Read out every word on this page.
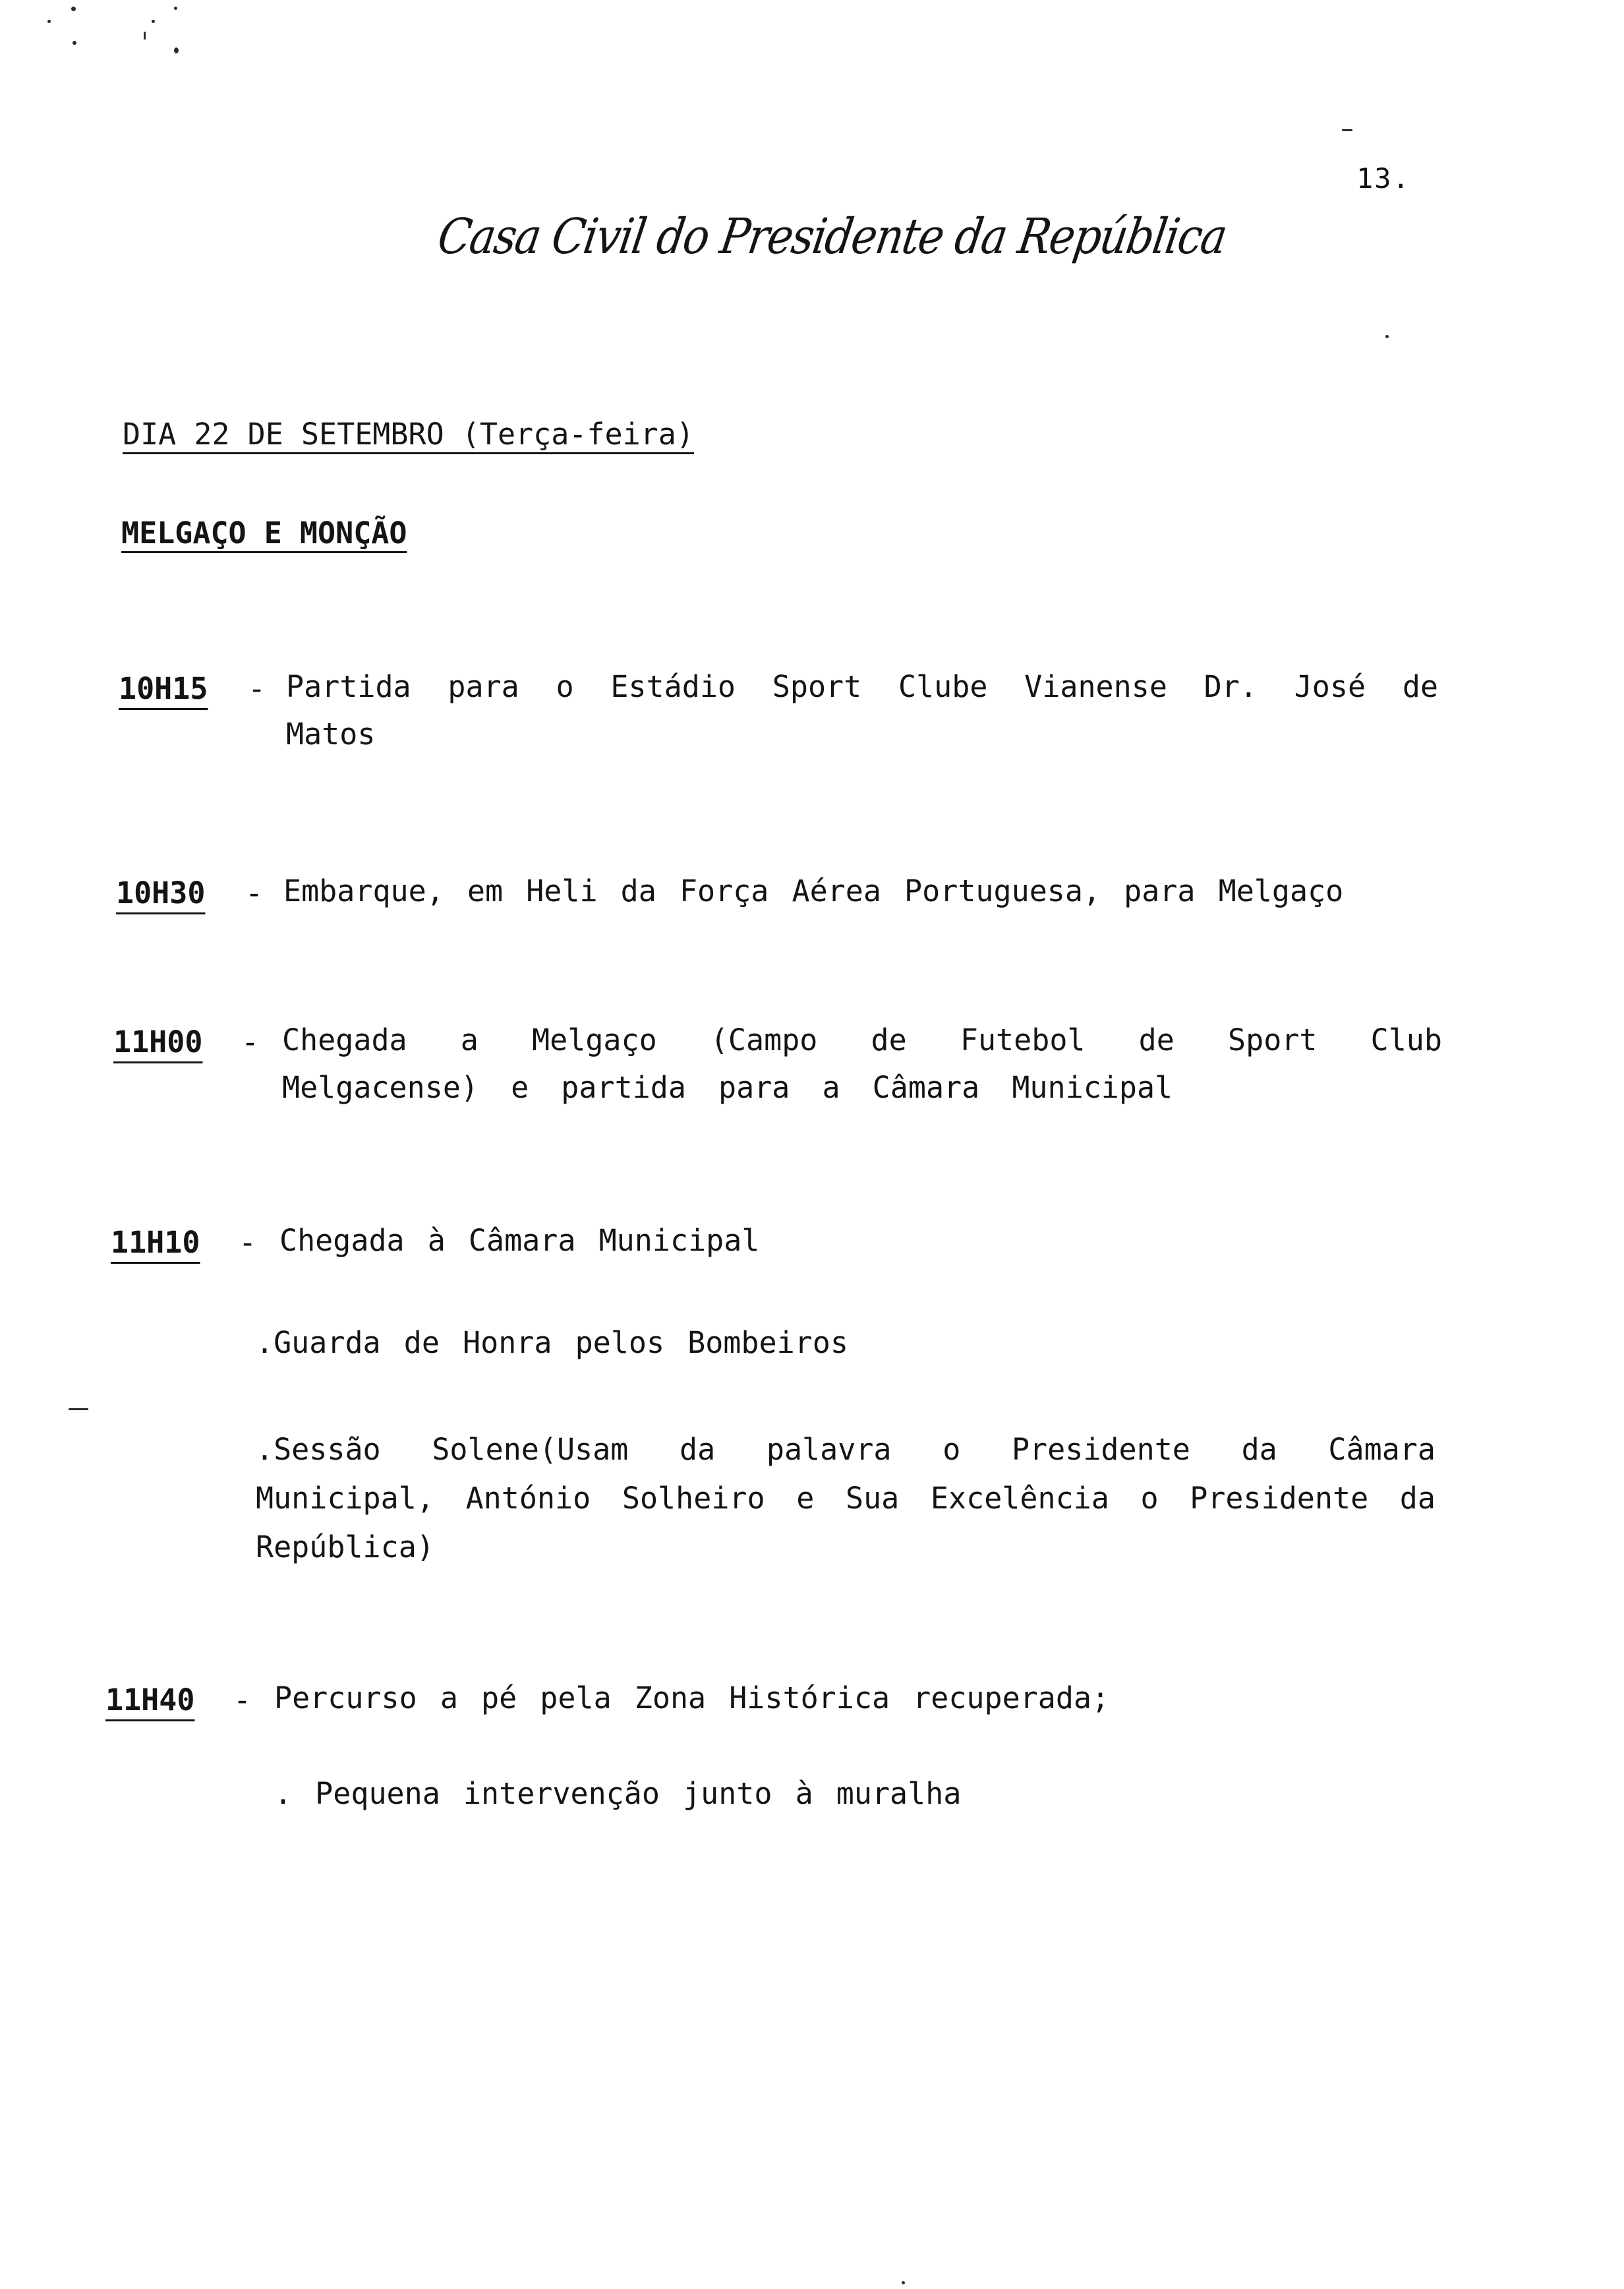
13.
Casa Civil do Presidente da República
DIA 22 DE SETEMBRO (Terça-feira)
MELGAÇO E MONÇÃO
10H15 - Partida para o Estádio Sport Clube Vianense Dr. José de Matos
10H30 - Embarque, em Heli da Força Aérea Portuguesa, para Melgaço
11H00 - Chegada a Melgaço (Campo de Futebol de Sport Club Melgacense) e partida para a Câmara Municipal
11H10 - Chegada à Câmara Municipal
.Guarda de Honra pelos Bombeiros
.Sessão Solene(Usam da palavra o Presidente da Câmara Municipal, António Solheiro e Sua Excelência o Presidente da República)
11H40 - Percurso a pé pela Zona Histórica recuperada;
. Pequena intervenção junto à muralha
